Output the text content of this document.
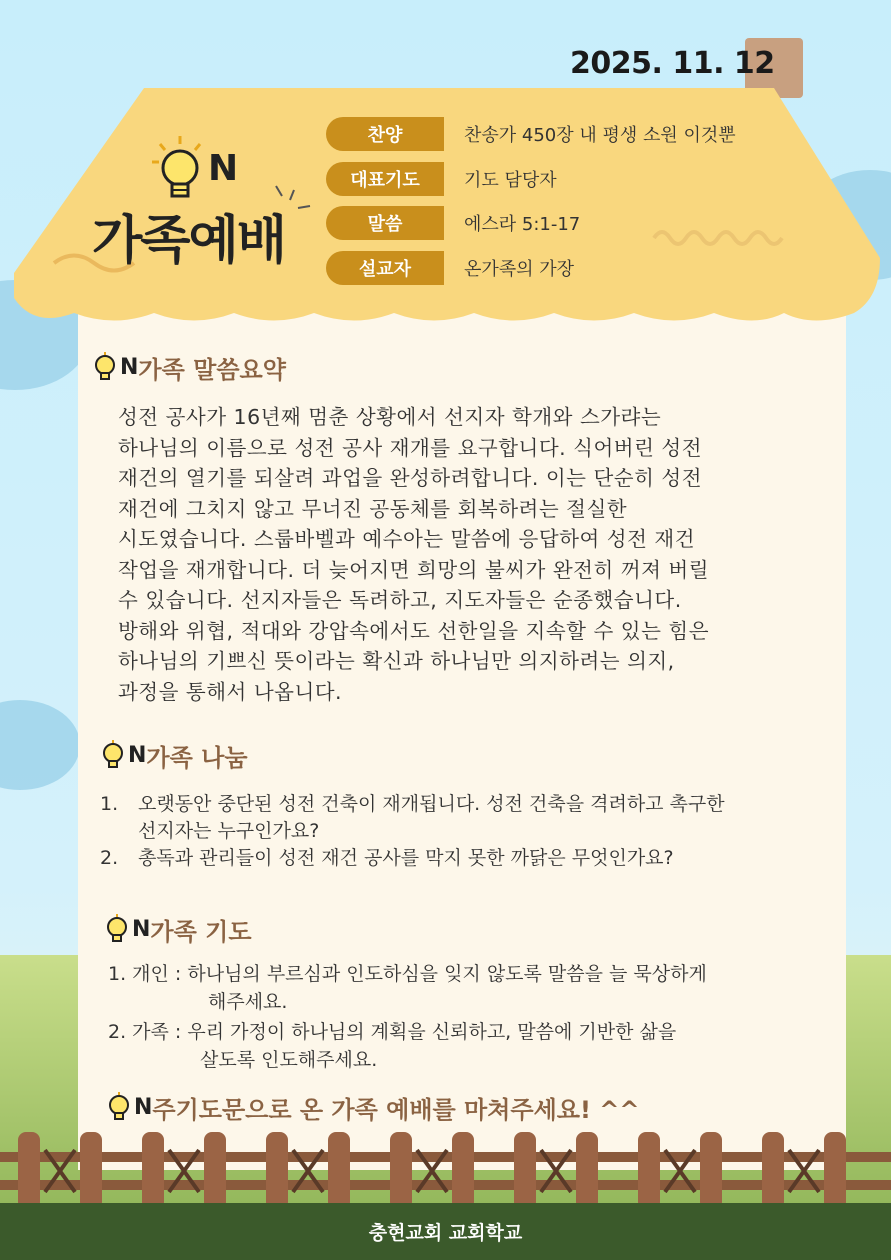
2025. 11. 12
N
가족예배
찬양	찬송가 450장 내 평생 소원 이것뿐
대표기도	기도 담당자
말씀	에스라 5:1-17
설교자	온가족의 가장
N 가족 말씀요약
성전 공사가 16년째 멈춘 상황에서 선지자 학개와 스가랴는
하나님의 이름으로 성전 공사 재개를 요구합니다. 식어버린 성전
재건의 열기를 되살려 과업을 완성하려합니다. 이는 단순히 성전
재건에 그치지 않고 무너진 공동체를 회복하려는 절실한
시도였습니다. 스룹바벨과 예수아는 말씀에 응답하여 성전 재건
작업을 재개합니다. 더 늦어지면 희망의 불씨가 완전히 꺼져 버릴
수 있습니다. 선지자들은 독려하고, 지도자들은 순종했습니다.
방해와 위협, 적대와 강압속에서도 선한일을 지속할 수 있는 힘은
하나님의 기쁘신 뜻이라는 확신과 하나님만 의지하려는 의지,
과정을 통해서 나옵니다.
N 가족 나눔
1.	오랫동안 중단된 성전 건축이 재개됩니다. 성전 건축을 격려하고 촉구한
선지자는 누구인가요?
2.	총독과 관리들이 성전 재건 공사를 막지 못한 까닭은 무엇인가요?
N 가족 기도
1. 개인 : 하나님의 부르심과 인도하심을 잊지 않도록 말씀을 늘 묵상하게
해주세요.
2. 가족 : 우리 가정이 하나님의 계획을 신뢰하고, 말씀에 기반한 삶을
살도록 인도해주세요.
N 주기도문으로 온 가족 예배를 마쳐주세요! ^^
충현교회 교회학교
